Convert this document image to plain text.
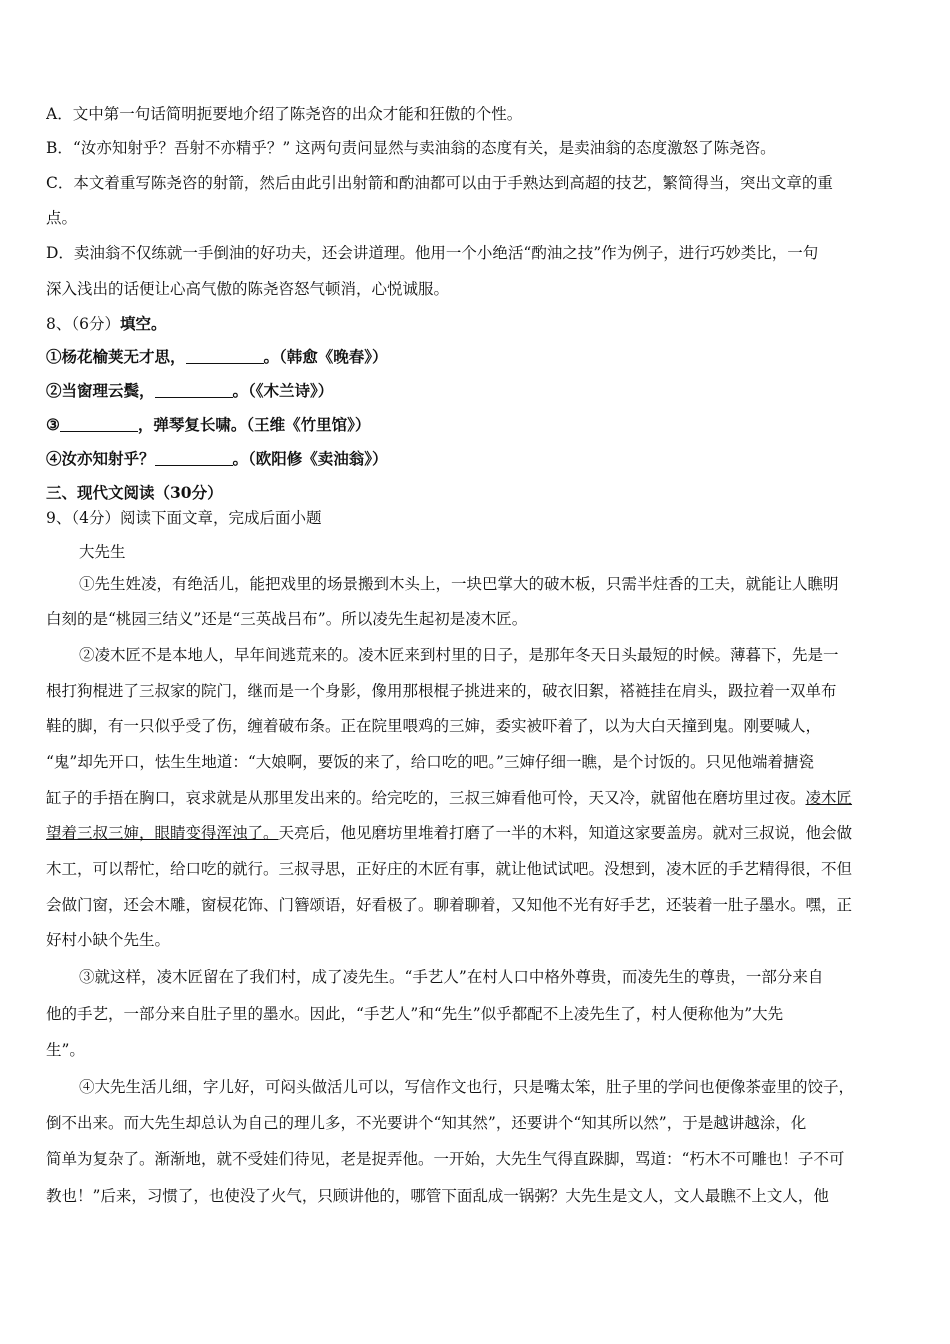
A．文中第一句话简明扼要地介绍了陈尧咨的出众才能和狂傲的个性。
B．“汝亦知射乎？吾射不亦精乎？” 这两句责问显然与卖油翁的态度有关，是卖油翁的态度激怒了陈尧咨。
C．本文着重写陈尧咨的射箭，然后由此引出射箭和酌油都可以由于手熟达到高超的技艺，繁简得当，突出文章的重
点。
D．卖油翁不仅练就一手倒油的好功夫，还会讲道理。他用一个小绝活“酌油之技”作为例子，进行巧妙类比，一句
深入浅出的话便让心高气傲的陈尧咨怒气顿消，心悦诚服。
8、（6分）填空。
①杨花榆荚无才思，	。（韩愈《晚春》）
②当窗理云鬓，	。（《木兰诗》）
③	，弹琴复长啸。（王维《竹里馆》）
④汝亦知射乎？	。（欧阳修《卖油翁》）
三、现代文阅读（30分）
9、（4分）阅读下面文章，完成后面小题
大先生
①先生姓凌，有绝活儿，能把戏里的场景搬到木头上，一块巴掌大的破木板，只需半炷香的工夫，就能让人瞧明
白刻的是“桃园三结义”还是“三英战吕布”。所以凌先生起初是凌木匠。
②凌木匠不是本地人，早年间逃荒来的。凌木匠来到村里的日子，是那年冬天日头最短的时候。薄暮下，先是一
根打狗棍进了三叔家的院门，继而是一个身影，像用那根棍子挑进来的，破衣旧絮，褡裢挂在肩头，趿拉着一双单布
鞋的脚，有一只似乎受了伤，缠着破布条。正在院里喂鸡的三婶，委实被吓着了，以为大白天撞到鬼。刚要喊人，
“鬼”却先开口，怯生生地道：“大娘啊，要饭的来了，给口吃的吧。”三婶仔细一瞧，是个讨饭的。只见他端着搪瓷
缸子的手捂在胸口，哀求就是从那里发出来的。给完吃的，三叔三婶看他可怜，天又冷，就留他在磨坊里过夜。凌木匠
望着三叔三婶，眼睛变得浑浊了。天亮后，他见磨坊里堆着打磨了一半的木料，知道这家要盖房。就对三叔说，他会做
木工，可以帮忙，给口吃的就行。三叔寻思，正好庄的木匠有事，就让他试试吧。没想到，凌木匠的手艺精得很，不但
会做门窗，还会木雕，窗棂花饰、门簪颂语，好看极了。聊着聊着，又知他不光有好手艺，还装着一肚子墨水。嘿，正
好村小缺个先生。
③就这样，凌木匠留在了我们村，成了凌先生。“手艺人”在村人口中格外尊贵，而凌先生的尊贵，一部分来自
他的手艺，一部分来自肚子里的墨水。因此，“手艺人”和“先生”似乎都配不上凌先生了，村人便称他为”大先
生”。
④大先生活儿细，字儿好，可闷头做活儿可以，写信作文也行，只是嘴太笨，肚子里的学问也便像茶壶里的饺子，
倒不出来。而大先生却总认为自己的理儿多，不光要讲个“知其然”，还要讲个“知其所以然”，于是越讲越涂，化
简单为复杂了。渐渐地，就不受娃们待见，老是捉弄他。一开始，大先生气得直跺脚，骂道：“朽木不可雕也！子不可
教也！”后来，习惯了，也使没了火气，只顾讲他的，哪管下面乱成一锅粥？大先生是文人，文人最瞧不上文人，他
